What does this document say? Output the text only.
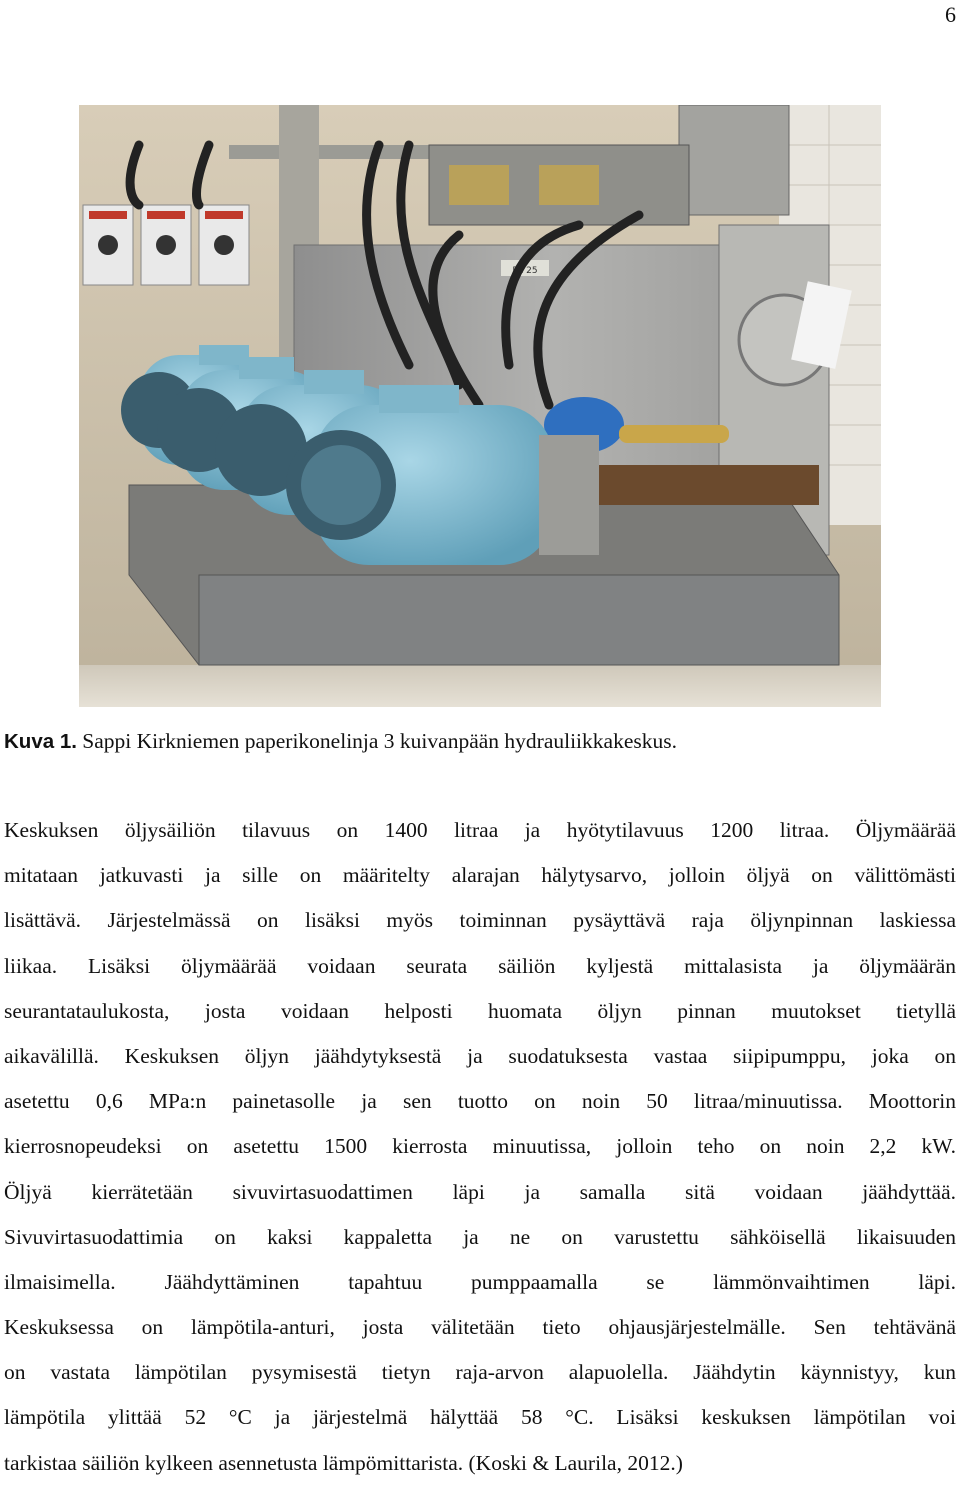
6
FE 25
Kuva 1. Sappi Kirkniemen paperikonelinja 3 kuivanpään hydrauliikkakeskus.
Keskuksen öljysäiliön tilavuus on 1400 litraa ja hyötytilavuus 1200 litraa. Öljymäärää
mitataan jatkuvasti ja sille on määritelty alarajan hälytysarvo, jolloin öljyä on välittömästi
lisättävä. Järjestelmässä on lisäksi myös toiminnan pysäyttävä raja öljynpinnan laskiessa
liikaa. Lisäksi öljymäärää voidaan seurata säiliön kyljestä mittalasista ja öljymäärän
seurantataulukosta, josta voidaan helposti huomata öljyn pinnan muutokset tietyllä
aikavälillä. Keskuksen öljyn jäähdytyksestä ja suodatuksesta vastaa siipipumppu, joka on
asetettu 0,6 MPa:n painetasolle ja sen tuotto on noin 50 litraa/minuutissa. Moottorin
kierrosnopeudeksi on asetettu 1500 kierrosta minuutissa, jolloin teho on noin 2,2 kW.
Öljyä kierrätetään sivuvirtasuodattimen läpi ja samalla sitä voidaan jäähdyttää.
Sivuvirtasuodattimia on kaksi kappaletta ja ne on varustettu sähköisellä likaisuuden
ilmaisimella. Jäähdyttäminen tapahtuu pumppaamalla se lämmönvaihtimen läpi.
Keskuksessa on lämpötila-anturi, josta välitetään tieto ohjausjärjestelmälle. Sen tehtävänä
on vastata lämpötilan pysymisestä tietyn raja-arvon alapuolella. Jäähdytin käynnistyy, kun
lämpötila ylittää 52 °C ja järjestelmä hälyttää 58 °C. Lisäksi keskuksen lämpötilan voi
tarkistaa säiliön kylkeen asennetusta lämpömittarista. (Koski & Laurila, 2012.)
